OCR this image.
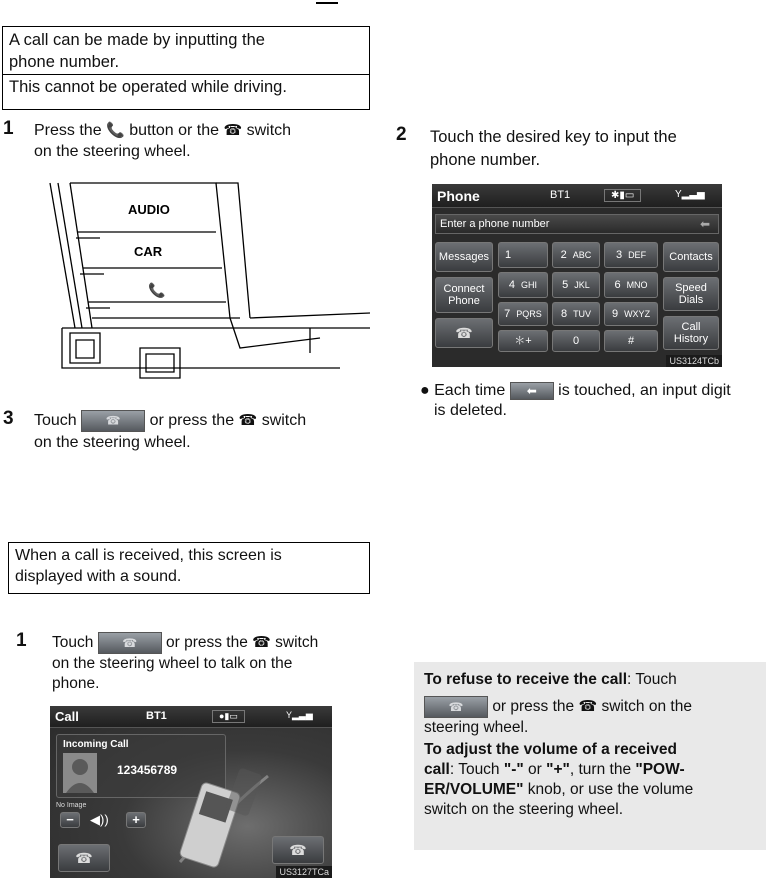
A call can be made by inputting the
phone number.
This cannot be operated while driving.
1 Press the 📞 button or the ☎ switch
on the steering wheel.
AUDIO
CAR
📞
3 Touch ☎ or press the ☎ switch
on the steering wheel.
2 Touch the desired key to input the
phone number.
Phone	BT1	✱▮▭	Y▂▃▅
Enter a phone number	⬅
Messages
Connect Phone
☎
1	2 ABC 3 DEF
4 GHI 5 JKL 6 MNO
7 PQRS 8 TUV 9 WXYZ
＊+	0	#
Contacts
Speed Dials
Call History
US3124TCb
● Each time ⬅ is touched, an input digit
is deleted.
When a call is received, this screen is
displayed with a sound.
1 Touch ☎ or press the ☎ switch
on the steering wheel to talk on the
phone.
Call	BT1	●▮▭	Y▂▃▅
Incoming Call
123456789
No Image
−	◀))	+
☎	☎
US3127TCa
To refuse to receive the call: Touch
☎ or press the ☎ switch on the
steering wheel.
To adjust the volume of a received
call: Touch "-" or "+", turn the "POW-
ER/VOLUME" knob, or use the volume
switch on the steering wheel.
